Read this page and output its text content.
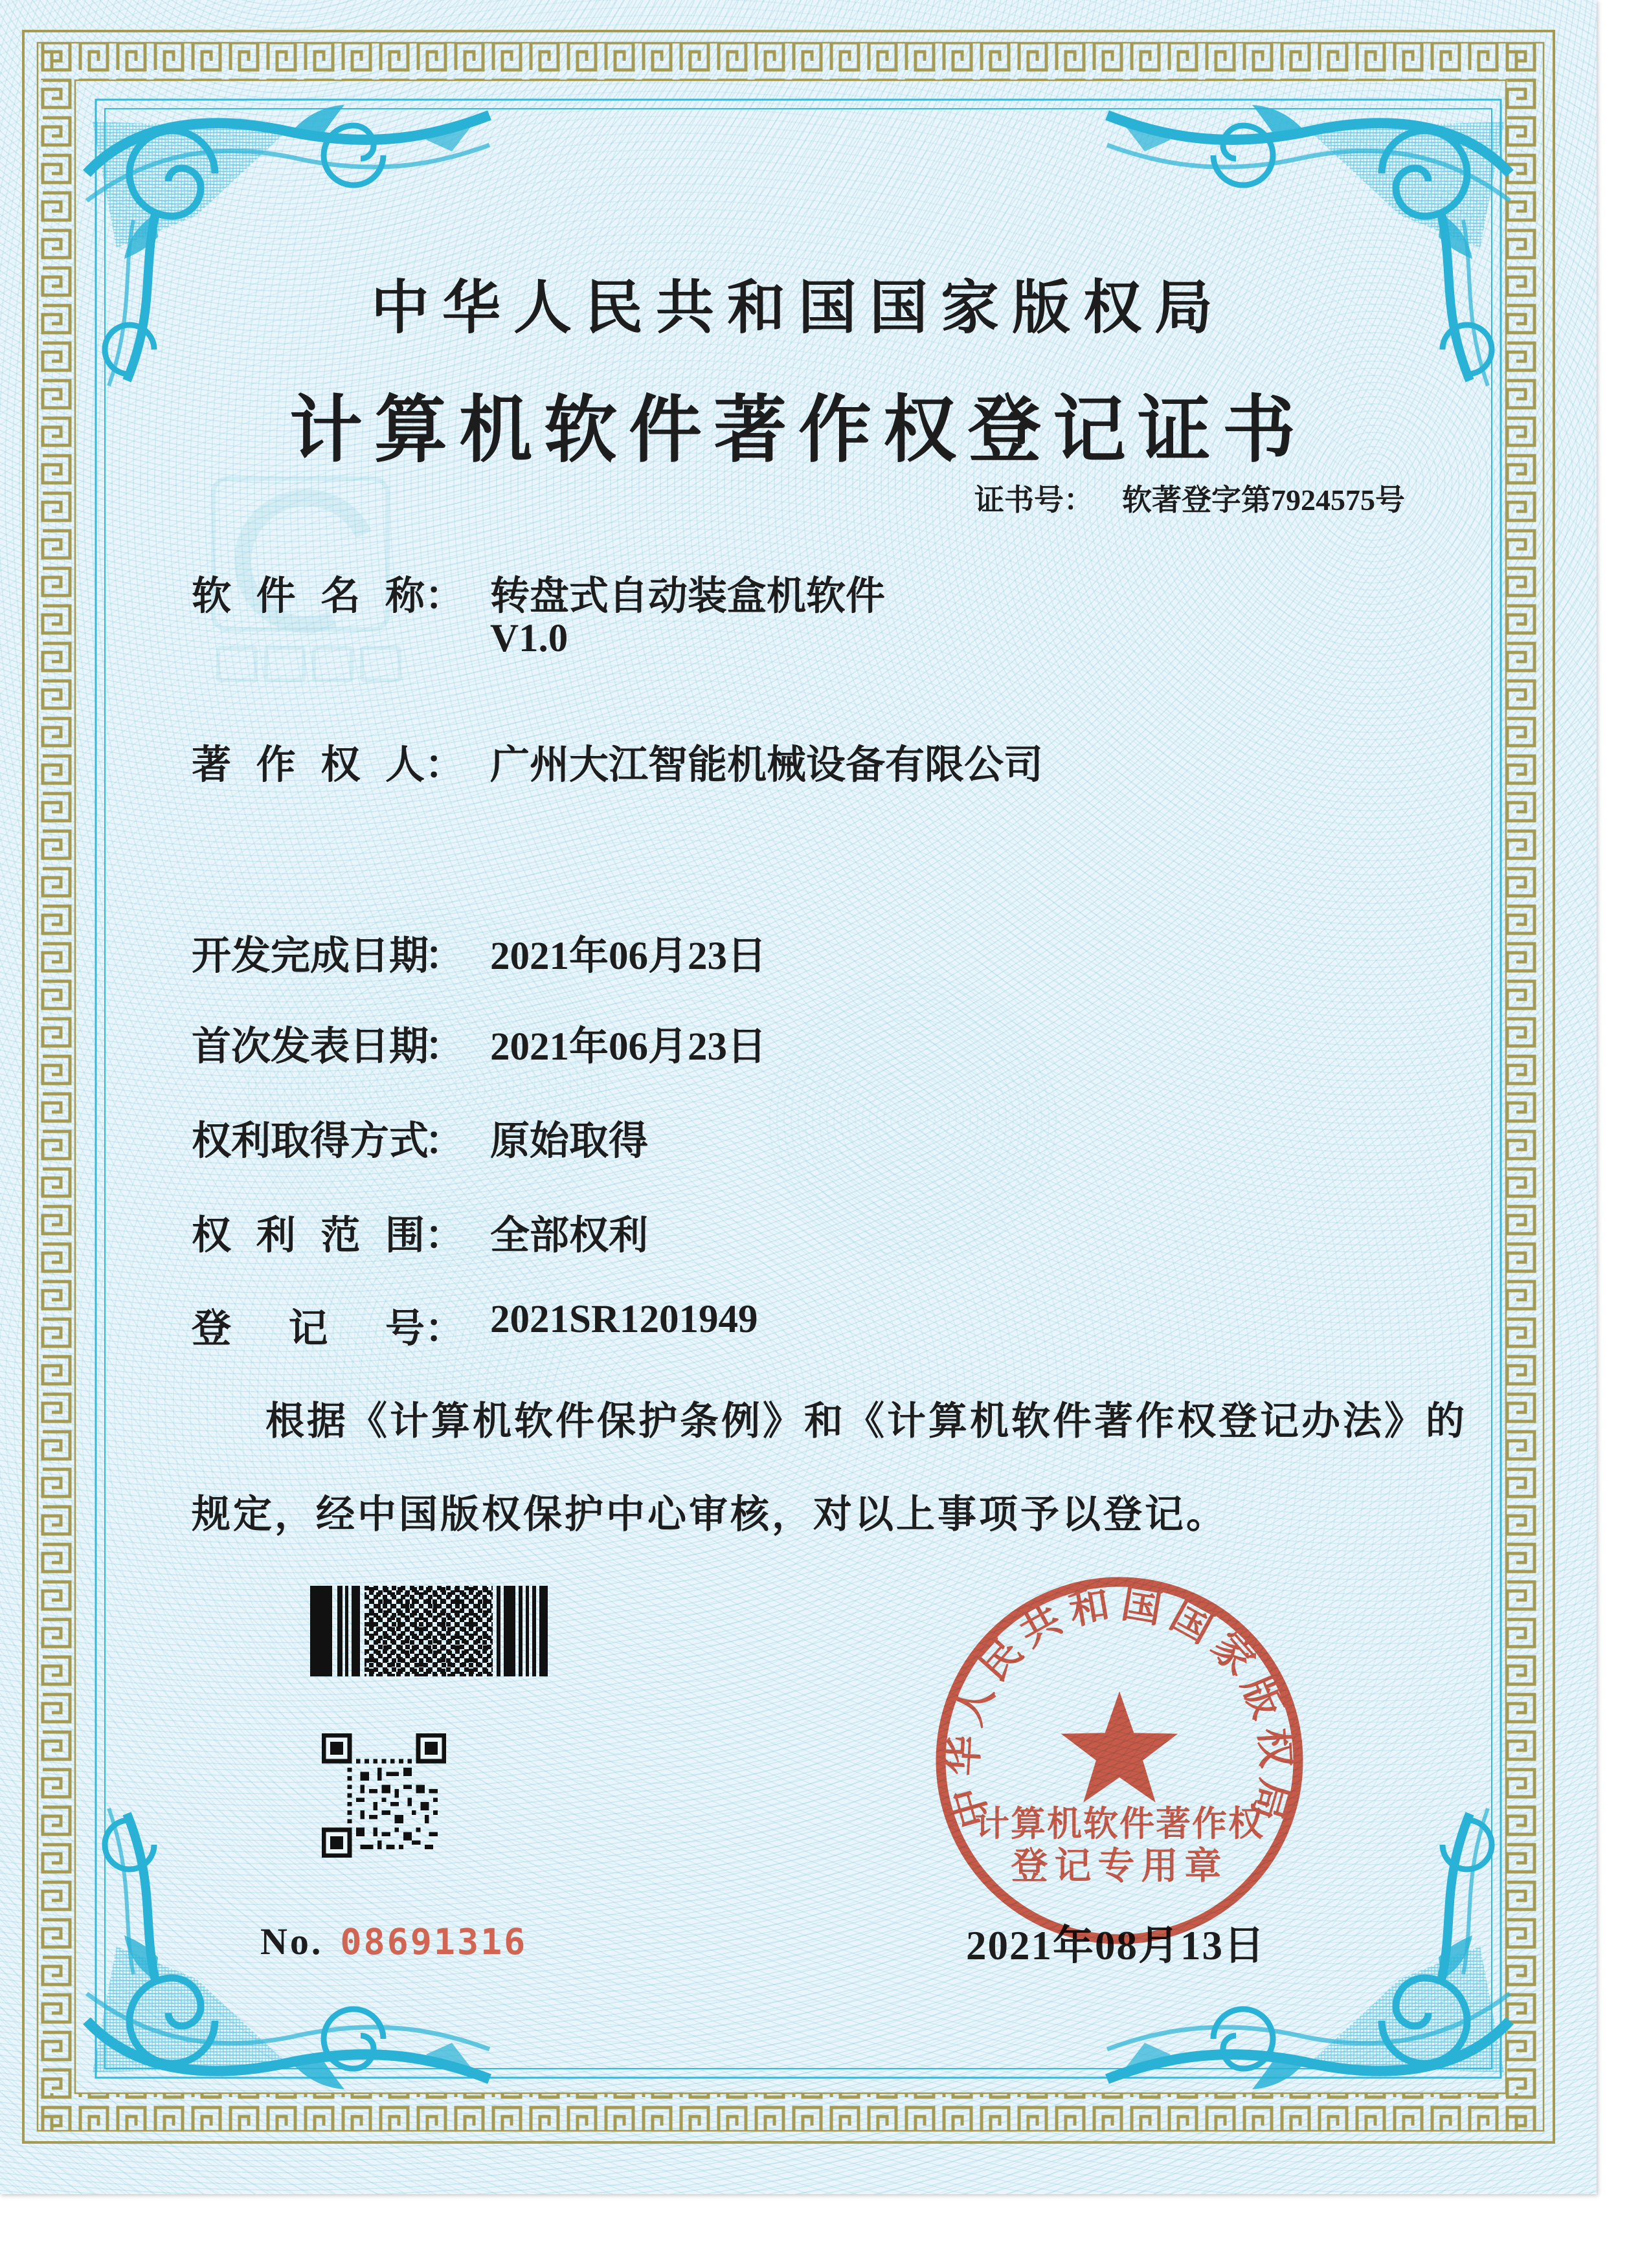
中华人民共和国国家版权局
计算机软件著作权登记证书
证书号： 软著登字第7924575号
软件名称： 转盘式自动装盒机软件
V1.0
著作权人： 广州大江智能机械设备有限公司
开发完成日期： 2021年06月23日
首次发表日期： 2021年06月23日
权利取得方式： 原始取得
权利范围： 全部权利
登记号： 2021SR1201949
根据《计算机软件保护条例》和《计算机软件著作权登记办法》的
规定，经中国版权保护中心审核，对以上事项予以登记。
No. 08691316	2021年08月13日
中华人民共和国国家版权局
计算机软件著作权
登记专用章
